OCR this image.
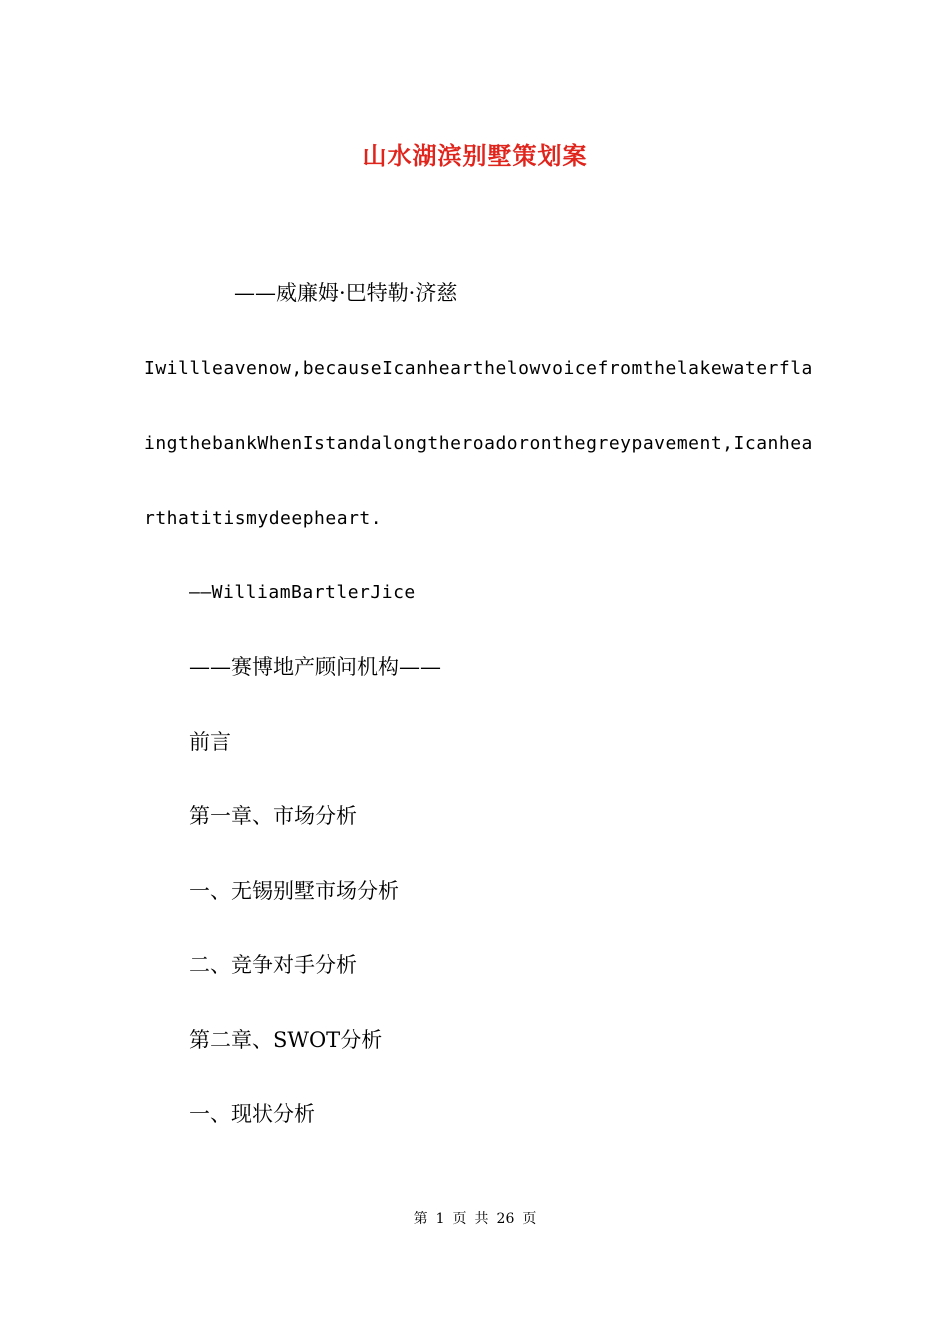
山水湖滨别墅策划案
——威廉姆·巴特勒·济慈
Iwillleavenow,becauseIcanhearthelowvoicefromthelakewaterfla
ingthebankWhenIstandalongtheroadoronthegreypavement,Icanhea
rthatitismydeepheart.
——WilliamBartlerJice
——赛博地产顾问机构——
前言
第一章、市场分析
一、无锡别墅市场分析
二、竞争对手分析
第二章、SWOT分析
一、现状分析
第 1 页 共 26 页
